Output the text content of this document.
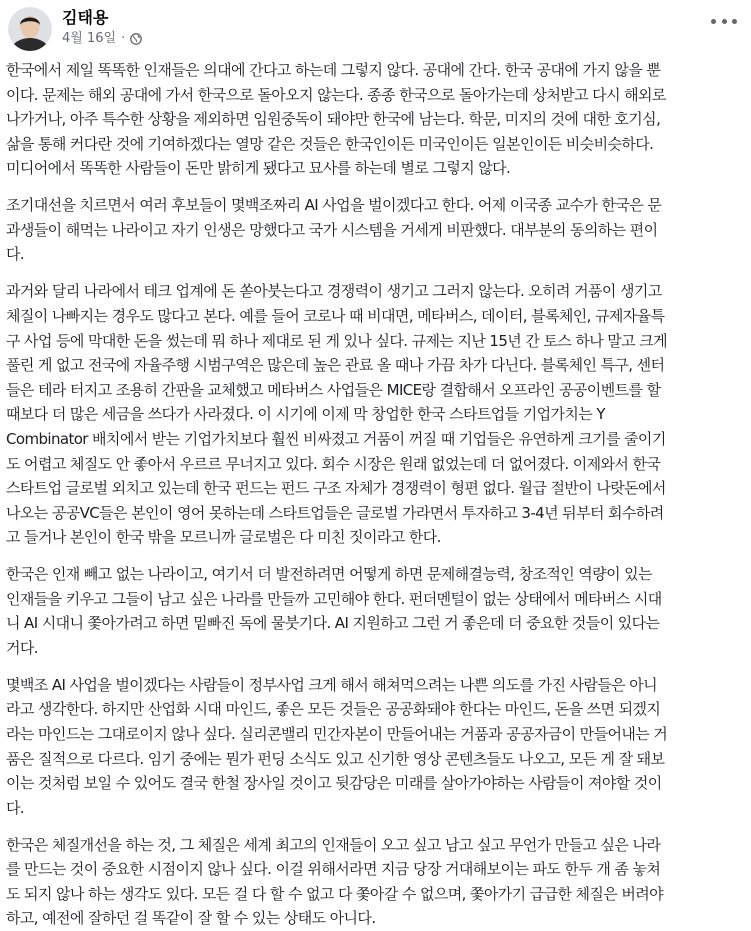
김태용
4월 16일 ·

한국에서 제일 똑똑한 인재들은 의대에 간다고 하는데 그렇지 않다. 공대에 간다. 한국 공대에 가지 않을 뿐
이다. 문제는 해외 공대에 가서 한국으로 돌아오지 않는다. 종종 한국으로 돌아가는데 상처받고 다시 해외로
나가거나, 아주 특수한 상황을 제외하면 임원중독이 돼야만 한국에 남는다. 학문, 미지의 것에 대한 호기심,
삶을 통해 커다란 것에 기여하겠다는 열망 같은 것들은 한국인이든 미국인이든 일본인이든 비슷비슷하다.
미디어에서 똑똑한 사람들이 돈만 밝히게 됐다고 묘사를 하는데 별로 그렇지 않다.

조기대선을 치르면서 여러 후보들이 몇백조짜리 AI 사업을 벌이겠다고 한다. 어제 이국종 교수가 한국은 문
과생들이 해먹는 나라이고 자기 인생은 망했다고 국가 시스템을 거세게 비판했다. 대부분의 동의하는 편이
다.

과거와 달리 나라에서 테크 업계에 돈 쏟아붓는다고 경쟁력이 생기고 그러지 않는다. 오히려 거품이 생기고
체질이 나빠지는 경우도 많다고 본다. 예를 들어 코로나 때 비대면, 메타버스, 데이터, 블록체인, 규제자율특
구 사업 등에 막대한 돈을 썼는데 뭐 하나 제대로 된 게 있나 싶다. 규제는 지난 15년 간 토스 하나 말고 크게
풀린 게 없고 전국에 자율주행 시범구역은 많은데 높은 관료 올 때나 가끔 차가 다닌다. 블록체인 특구, 센터
들은 테라 터지고 조용히 간판을 교체했고 메타버스 사업들은 MICE랑 결합해서 오프라인 공공이벤트를 할
때보다 더 많은 세금을 쓰다가 사라졌다. 이 시기에 이제 막 창업한 한국 스타트업들 기업가치는 Y
Combinator 배치에서 받는 기업가치보다 훨씬 비싸졌고 거품이 꺼질 때 기업들은 유연하게 크기를 줄이기
도 어렵고 체질도 안 좋아서 우르르 무너지고 있다. 회수 시장은 원래 없었는데 더 없어졌다. 이제와서 한국
스타트업 글로벌 외치고 있는데 한국 펀드는 펀드 구조 자체가 경쟁력이 형편 없다. 월급 절반이 나랏돈에서
나오는 공공VC들은 본인이 영어 못하는데 스타트업들은 글로벌 가라면서 투자하고 3-4년 뒤부터 회수하려
고 들거나 본인이 한국 밖을 모르니까 글로벌은 다 미친 짓이라고 한다.

한국은 인재 빼고 없는 나라이고, 여기서 더 발전하려면 어떻게 하면 문제해결능력, 창조적인 역량이 있는
인재들을 키우고 그들이 남고 싶은 나라를 만들까 고민해야 한다. 펀더멘털이 없는 상태에서 메타버스 시대
니 AI 시대니 쫓아가려고 하면 밑빠진 독에 물붓기다. AI 지원하고 그런 거 좋은데 더 중요한 것들이 있다는
거다.

몇백조 AI 사업을 벌이겠다는 사람들이 정부사업 크게 해서 해쳐먹으려는 나쁜 의도를 가진 사람들은 아니
라고 생각한다. 하지만 산업화 시대 마인드, 좋은 모든 것들은 공공화돼야 한다는 마인드, 돈을 쓰면 되겠지
라는 마인드는 그대로이지 않나 싶다. 실리콘밸리 민간자본이 만들어내는 거품과 공공자금이 만들어내는 거
품은 질적으로 다르다. 임기 중에는 뭔가 펀딩 소식도 있고 신기한 영상 콘텐츠들도 나오고, 모든 게 잘 돼보
이는 것처럼 보일 수 있어도 결국 한철 장사일 것이고 뒷감당은 미래를 살아가야하는 사람들이 져야할 것이
다.

한국은 체질개선을 하는 것, 그 체질은 세계 최고의 인재들이 오고 싶고 남고 싶고 무언가 만들고 싶은 나라
를 만드는 것이 중요한 시점이지 않나 싶다. 이걸 위해서라면 지금 당장 거대해보이는 파도 한두 개 좀 놓쳐
도 되지 않나 하는 생각도 있다. 모든 걸 다 할 수 없고 다 쫓아갈 수 없으며, 쫓아가기 급급한 체질은 버려야
하고, 예전에 잘하던 걸 똑같이 잘 할 수 있는 상태도 아니다.
